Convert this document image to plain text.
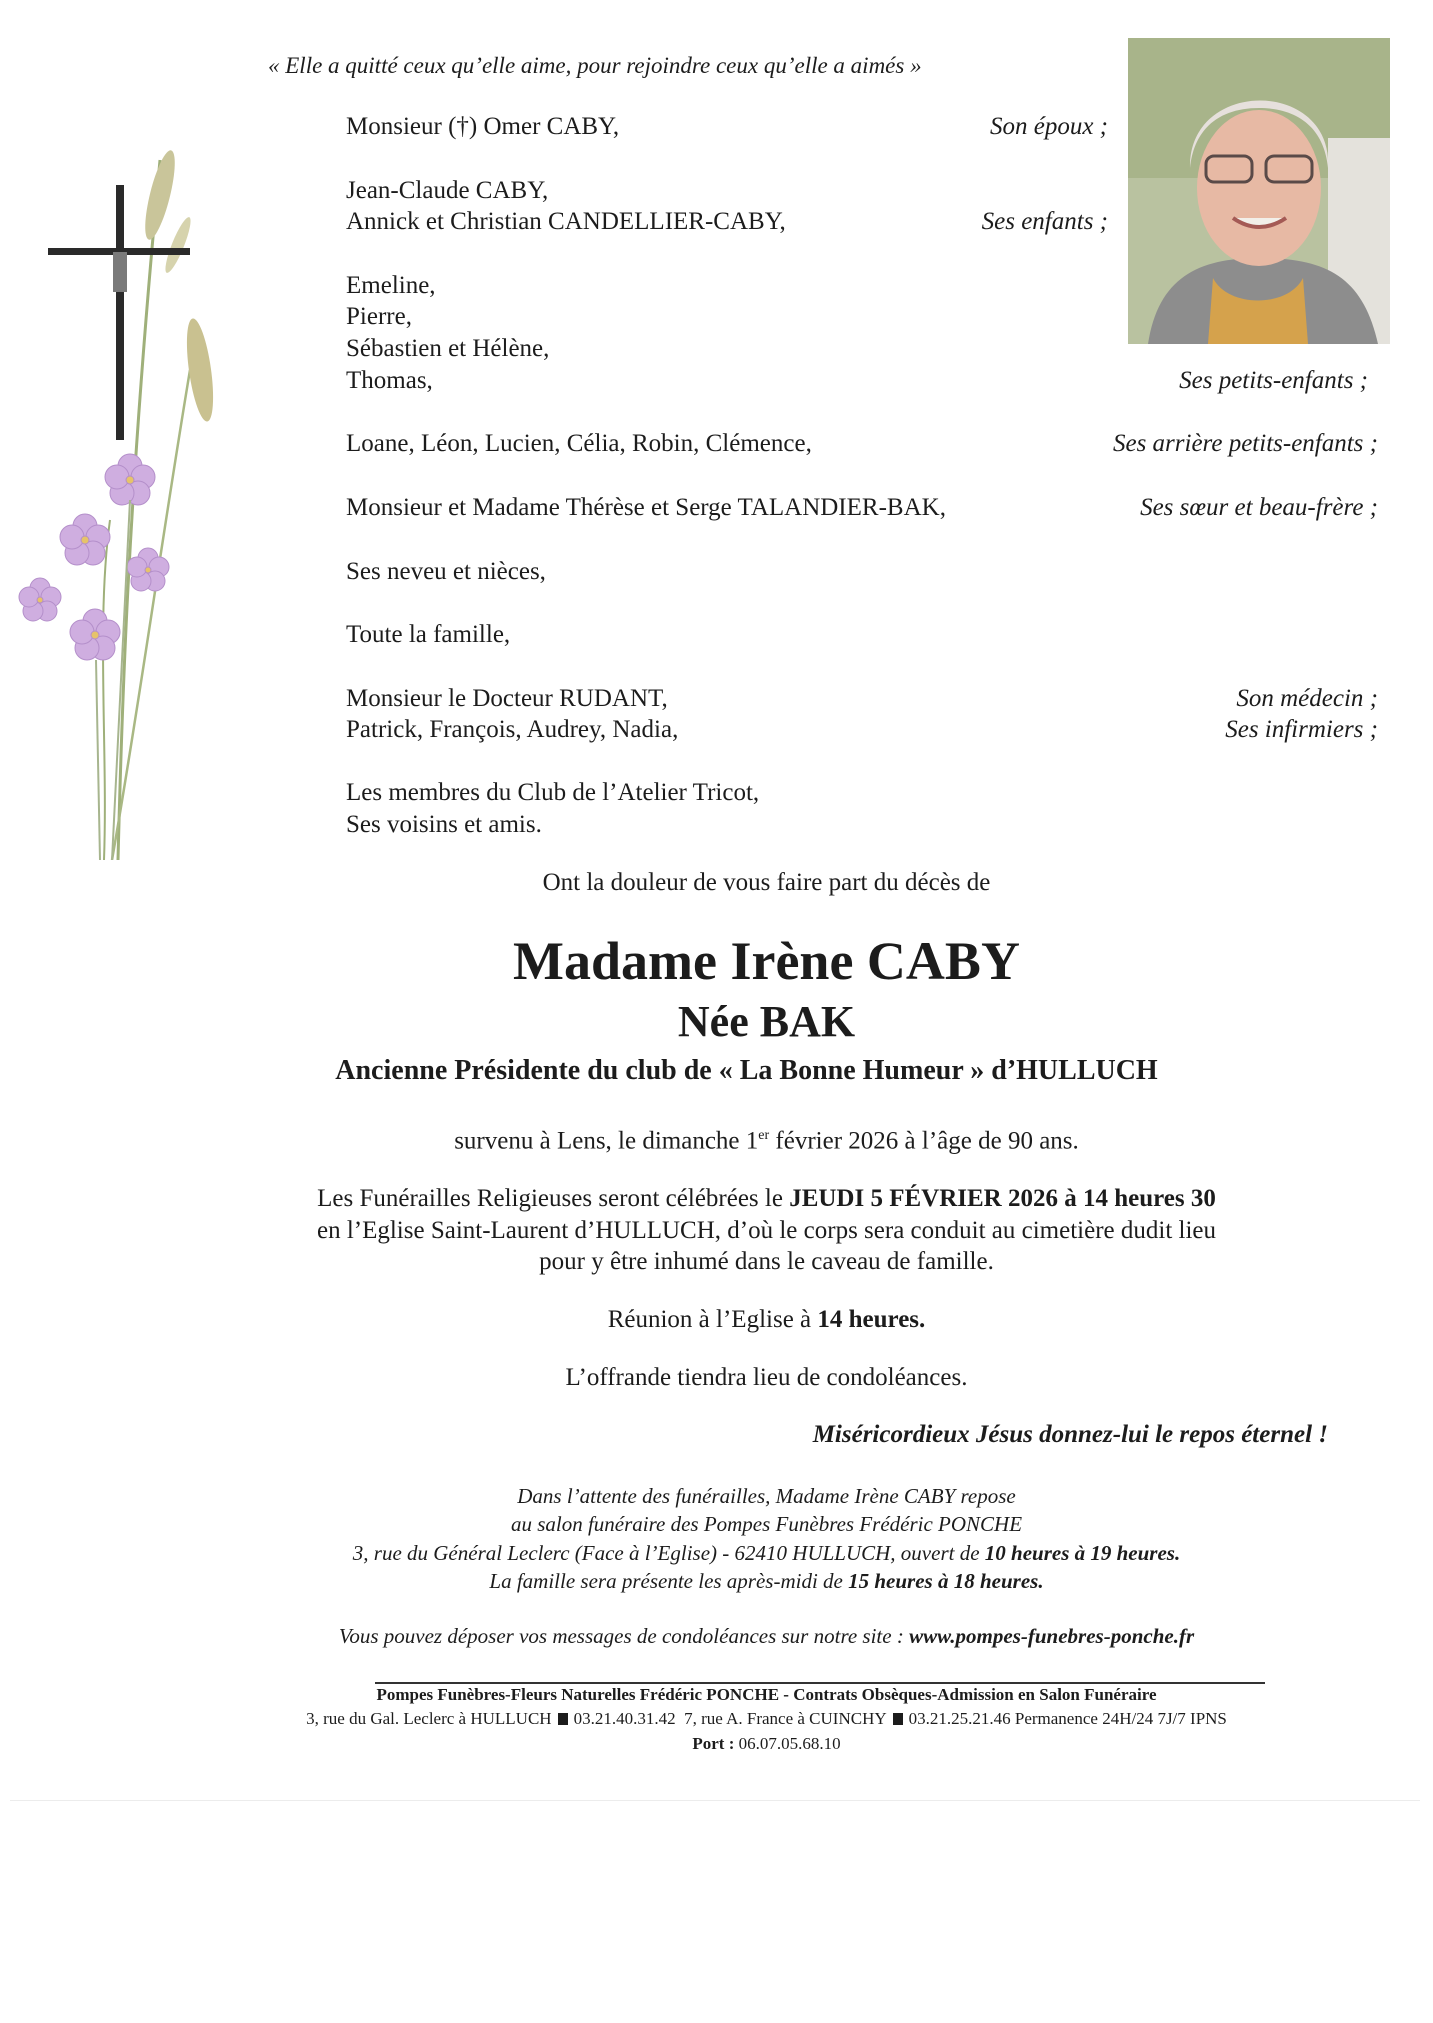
« Elle a quitté ceux qu’elle aime, pour rejoindre ceux qu’elle a aimés »
Monsieur (†) Omer CABY,	Son époux ;
Jean-Claude CABY,
Annick et Christian CANDELLIER-CABY,	Ses enfants ;
Emeline,
Pierre,
Sébastien et Hélène,
Thomas,	Ses petits-enfants ;
Loane, Léon, Lucien, Célia, Robin, Clémence,	Ses arrière petits-enfants ;
Monsieur et Madame Thérèse et Serge TALANDIER-BAK,	Ses sœur et beau-frère ;
Ses neveu et nièces,
Toute la famille,
Monsieur le Docteur RUDANT,	Son médecin ;
Patrick, François, Audrey, Nadia,	Ses infirmiers ;
Les membres du Club de l’Atelier Tricot,
Ses voisins et amis.
Ont la douleur de vous faire part du décès de
Madame Irène CABY
Née BAK
Ancienne Présidente du club de « La Bonne Humeur » d’HULLUCH
survenu à Lens, le dimanche 1er février 2026 à l’âge de 90 ans.
Les Funérailles Religieuses seront célébrées le JEUDI 5 FÉVRIER 2026 à 14 heures 30
en l’Eglise Saint-Laurent d’HULLUCH, d’où le corps sera conduit au cimetière dudit lieu
pour y être inhumé dans le caveau de famille.
Réunion à l’Eglise à 14 heures.
L’offrande tiendra lieu de condoléances.
Miséricordieux Jésus donnez-lui le repos éternel !
Dans l’attente des funérailles, Madame Irène CABY repose
au salon funéraire des Pompes Funèbres Frédéric PONCHE
3, rue du Général Leclerc (Face à l’Eglise) - 62410 HULLUCH, ouvert de 10 heures à 19 heures.
La famille sera présente les après-midi de 15 heures à 18 heures.
Vous pouvez déposer vos messages de condoléances sur notre site : www.pompes-funebres-ponche.fr
Pompes Funèbres-Fleurs Naturelles Frédéric PONCHE - Contrats Obsèques-Admission en Salon Funéraire
3, rue du Gal. Leclerc à HULLUCH 03.21.40.31.42 7, rue A. France à CUINCHY 03.21.25.21.46 Permanence 24H/24 7J/7 IPNS
Port : 06.07.05.68.10
